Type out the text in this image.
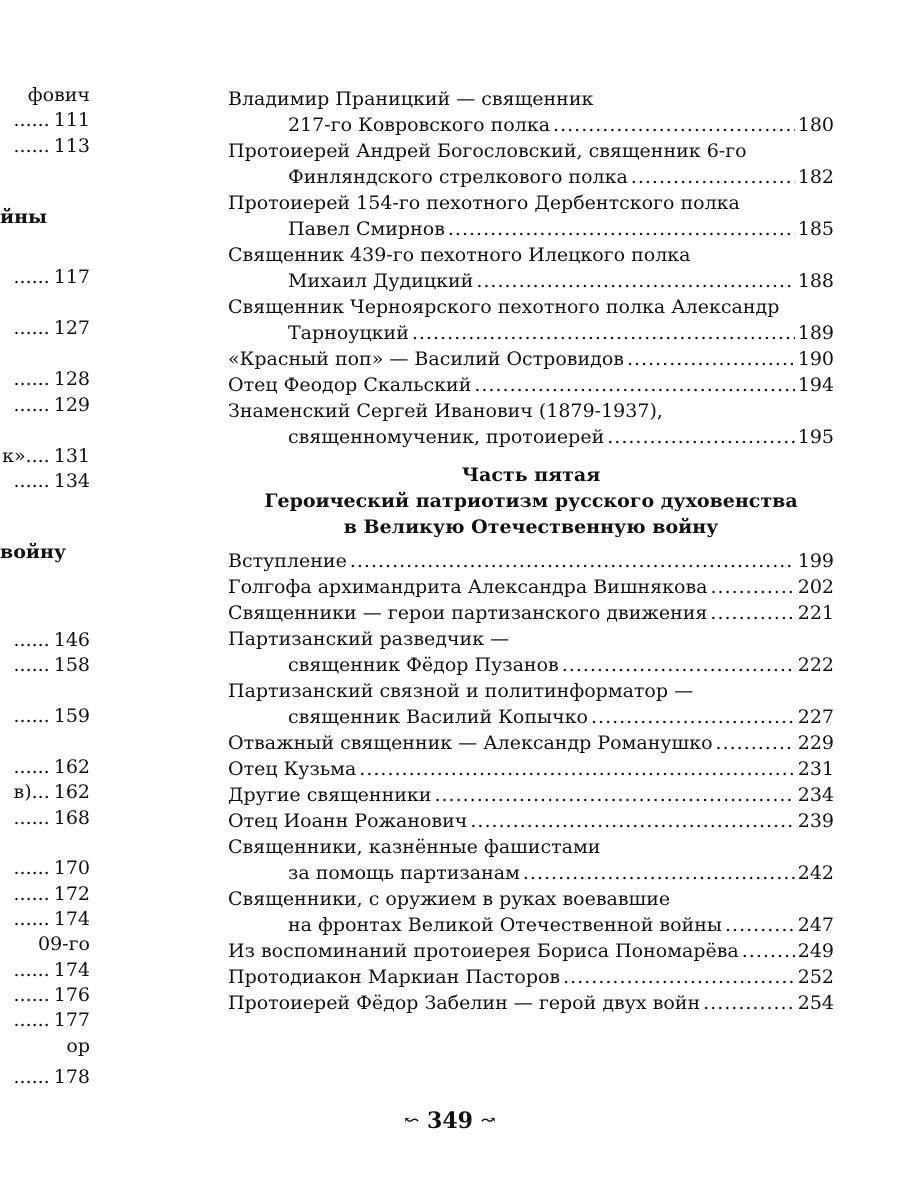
фович
...... 111
...... 113
...... 117
...... 127
...... 128
...... 129
к».... 131
...... 134
...... 146
...... 158
...... 159
...... 162
в)... 162
...... 168
...... 170
...... 172
...... 174
09-го
...... 174
...... 176
...... 177
ор
...... 178
йны
войну
Владимир Праницкий — священник
217-го Ковровского полка .....	180
Протоиерей Андрей Богословский, священник 6-го
Финляндского стрелкового полка .....	182
Протоиерей 154-го пехотного Дербентского полка
Павел Смирнов .....	185
Священник 439-го пехотного Илецкого полка
Михаил Дудицкий .....	188
Священник Черноярского пехотного полка Александр
Тарноуцкий .....	189
«Красный поп» — Василий Островидов .....	190
Отец Феодор Скальский .....	194
Знаменский Сергей Иванович (1879-1937),
священномученик, протоиерей .....	195
Часть пятая
Героический патриотизм русского духовенства
в Великую Отечественную войну
Вступление .....	199
Голгофа архимандрита Александра Вишнякова .....	202
Священники — герои партизанского движения .....	221
Партизанский разведчик —
священник Фёдор Пузанов .....	222
Партизанский связной и политинформатор —
священник Василий Копычко .....	227
Отважный священник — Александр Романушко .....	229
Отец Кузьма .....	231
Другие священники .....	234
Отец Иоанн Рожанович .....	239
Священники, казнённые фашистами
за помощь партизанам .....	242
Священники, с оружием в руках воевавшие
на фронтах Великой Отечественной войны .....	247
Из воспоминаний протоиерея Бориса Пономарёва .....	249
Протодиакон Маркиан Пасторов .....	252
Протоиерей Фёдор Забелин — герой двух войн .....	254
↜ 349 ↝
